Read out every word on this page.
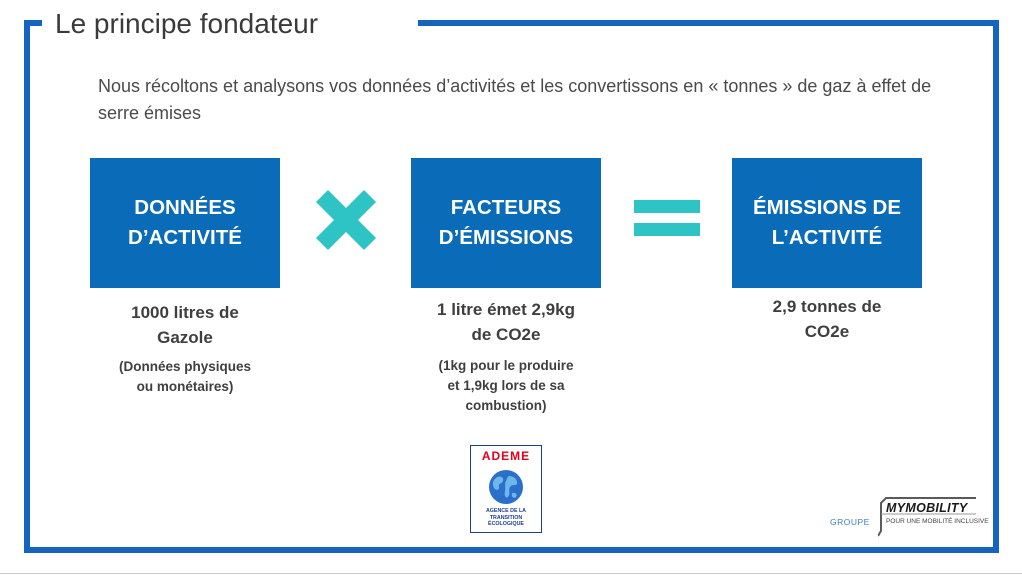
Le principe fondateur
Nous récoltons et analysons vos données d’activités et les convertissons en « tonnes » de gaz à effet de serre émises
DONNÉES
D’ACTIVITÉ
FACTEURS
D’ÉMISSIONS
ÉMISSIONS DE
L’ACTIVITÉ
1000 litres de
Gazole
(Données physiques
ou monétaires)
1 litre émet 2,9kg
de CO2e
(1kg pour le produire
et 1,9kg lors de sa
combustion)
2,9 tonnes de
CO2e
ADEME
AGENCE DE LA
TRANSITION
ÉCOLOGIQUE	GROUPE
MYMOBILITY
POUR UNE MOBILITÉ INCLUSIVE
